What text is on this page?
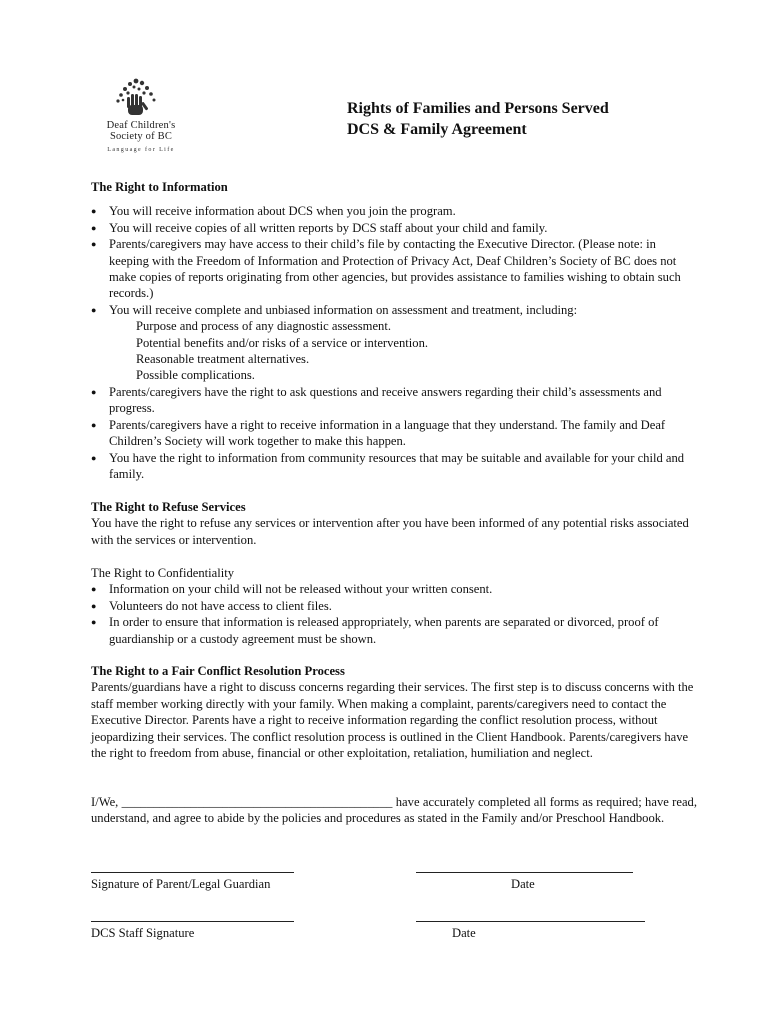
Deaf Children's
Society of BC
Language for Life
Rights of Families and Persons Served
DCS & Family Agreement
The Right to Information
● You will receive information about DCS when you join the program.
● You will receive copies of all written reports by DCS staff about your child and family.
● Parents/caregivers may have access to their child’s file by contacting the Executive Director. (Please note: in keeping with the Freedom of Information and Protection of Privacy Act, Deaf Children’s Society of BC does not make copies of reports originating from other agencies, but provides assistance to families wishing to obtain such records.)
● You will receive complete and unbiased information on assessment and treatment, including:
Purpose and process of any diagnostic assessment.
Potential benefits and/or risks of a service or intervention.
Reasonable treatment alternatives.
Possible complications.
● Parents/caregivers have the right to ask questions and receive answers regarding their child’s assessments and progress.
● Parents/caregivers have a right to receive information in a language that they understand. The family and Deaf Children’s Society will work together to make this happen.
● You have the right to information from community resources that may be suitable and available for your child and family.
The Right to Refuse Services
You have the right to refuse any services or intervention after you have been informed of any potential risks associated with the services or intervention.
The Right to Confidentiality
● Information on your child will not be released without your written consent.
● Volunteers do not have access to client files.
● In order to ensure that information is released appropriately, when parents are separated or divorced, proof of guardianship or a custody agreement must be shown.
The Right to a Fair Conflict Resolution Process
Parents/guardians have a right to discuss concerns regarding their services. The first step is to discuss concerns with the staff member working directly with your family. When making a complaint, parents/caregivers need to contact the Executive Director. Parents have a right to receive information regarding the conflict resolution process, without jeopardizing their services. The conflict resolution process is outlined in the Client Handbook. Parents/caregivers have the right to freedom from abuse, financial or other exploitation, retaliation, humiliation and neglect.
I/We, ___________________________________________ have accurately completed all forms as required; have read, understand, and agree to abide by the policies and procedures as stated in the Family and/or Preschool Handbook.
Signature of Parent/Legal Guardian	Date
DCS Staff Signature	Date
